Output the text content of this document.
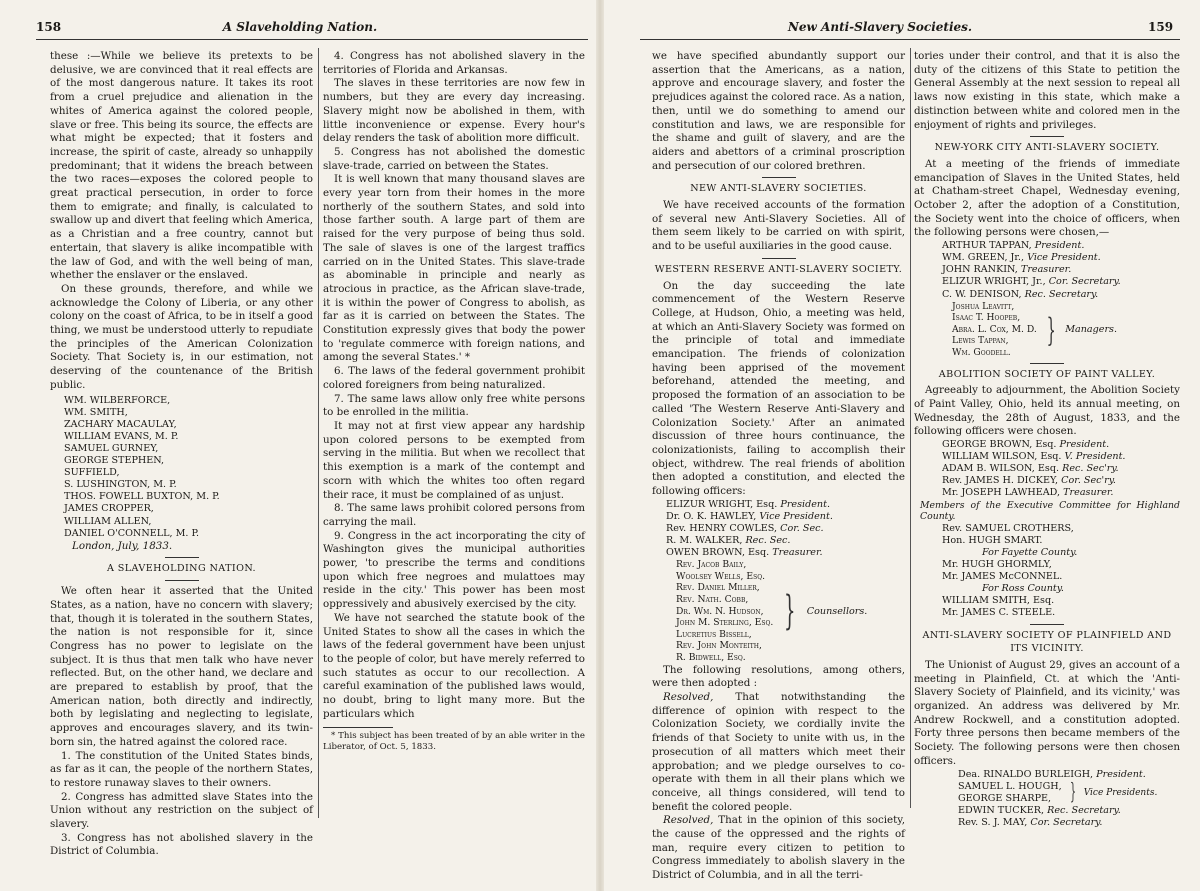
158	A Slaveholding Nation.

these :—While we believe its pretexts to be delusive, we are convinced that it real effects are of the most dangerous nature. It takes its root from a cruel prejudice and alienation in the whites of America against the colored people, slave or free. This being its source, the effects are what might be expected; that it fosters and increase, the spirit of caste, already so unhappily predominant; that it widens the breach between the two races—exposes the colored people to great practical persecution, in order to force them to emigrate; and finally, is calculated to swallow up and divert that feeling which America, as a Christian and a free country, cannot but entertain, that slavery is alike incompatible with the law of God, and with the well being of man, whether the enslaver or the enslaved.

On these grounds, therefore, and while we acknowledge the Colony of Liberia, or any other colony on the coast of Africa, to be in itself a good thing, we must be understood utterly to repudiate the principles of the American Colonization Society. That Society is, in our estimation, not deserving of the countenance of the British public.

WM. WILBERFORCE,
WM. SMITH,
ZACHARY MACAULAY,
WILLIAM EVANS, M. P.
SAMUEL GURNEY,
GEORGE STEPHEN,
SUFFIELD,
S. LUSHINGTON, M. P.
THOS. FOWELL BUXTON, M. P.
JAMES CROPPER,
WILLIAM ALLEN,
DANIEL O'CONNELL, M. P.

London, July, 1833.

A SLAVEHOLDING NATION.

We often hear it asserted that the United States, as a nation, have no concern with slavery; that, though it is tolerated in the southern States, the nation is not responsible for it, since Congress has no power to legislate on the subject. It is thus that men talk who have never reflected. But, on the other hand, we declare and are prepared to establish by proof, that the American nation, both directly and indirectly, both by legislating and neglecting to legislate, approves and encourages slavery, and its twin-born sin, the hatred against the colored race.

1. The constitution of the United States binds, as far as it can, the people of the northern States, to restore runaway slaves to their owners.

2. Congress has admitted slave States into the Union without any restriction on the subject of slavery.

3. Congress has not abolished slavery in the District of Columbia.

4. Congress has not abolished slavery in the territories of Florida and Arkansas.

The slaves in these territories are now few in numbers, but they are every day increasing. Slavery might now be abolished in them, with little inconvenience or expense. Every hour's delay renders the task of abolition more difficult.

5. Congress has not abolished the domestic slave-trade, carried on between the States.

It is well known that many thousand slaves are every year torn from their homes in the more northerly of the southern States, and sold into those farther south. A large part of them are raised for the very purpose of being thus sold. The sale of slaves is one of the largest traffics carried on in the United States. This slave-trade as abominable in principle and nearly as atrocious in practice, as the African slave-trade, it is within the power of Congress to abolish, as far as it is carried on between the States. The Constitution expressly gives that body the power to 'regulate commerce with foreign nations, and among the several States.' *

6. The laws of the federal government prohibit colored foreigners from being naturalized.

7. The same laws allow only free white persons to be enrolled in the militia.

It may not at first view appear any hardship upon colored persons to be exempted from serving in the militia. But when we recollect that this exemption is a mark of the contempt and scorn with which the whites too often regard their race, it must be complained of as unjust.

8. The same laws prohibit colored persons from carrying the mail.

9. Congress in the act incorporating the city of Washington gives the municipal authorities power, 'to prescribe the terms and conditions upon which free negroes and mulattoes may reside in the city.' This power has been most oppressively and abusively exercised by the city.

We have not searched the statute book of the United States to show all the cases in which the laws of the federal government have been unjust to the people of color, but have merely referred to such statutes as occur to our recollection. A careful examination of the published laws would, no doubt, bring to light many more. But the particulars which

* This subject has been treated of by an able writer in the Liberator, of Oct. 5, 1833.

New Anti-Slavery Societies.	159

we have specified abundantly support our assertion that the Americans, as a nation, approve and encourage slavery, and foster the prejudices against the colored race. As a nation, then, until we do something to amend our constitution and laws, we are responsible for the shame and guilt of slavery, and are the aiders and abettors of a criminal proscription and persecution of our colored brethren.

NEW ANTI-SLAVERY SOCIETIES.

We have received accounts of the formation of several new Anti-Slavery Societies. All of them seem likely to be carried on with spirit, and to be useful auxiliaries in the good cause.

WESTERN RESERVE ANTI-SLAVERY SOCIETY.

On the day succeeding the late commencement of the Western Reserve College, at Hudson, Ohio, a meeting was held, at which an Anti-Slavery Society was formed on the principle of total and immediate emancipation. The friends of colonization having been apprised of the movement beforehand, attended the meeting, and proposed the formation of an association to be called 'The Western Reserve Anti-Slavery and Colonization Society.' After an animated discussion of three hours continuance, the colonizationists, failing to accomplish their object, withdrew. The real friends of abolition then adopted a constitution, and elected the following officers:

ELIZUR WRIGHT, Esq. President.
Dr. O. K. HAWLEY, Vice President.
Rev. HENRY COWLES, Cor. Sec.
R. M. WALKER, Rec. Sec.
OWEN BROWN, Esq. Treasurer.
Rev. Jacob Baily,
Woolsey Wells, Esq.
Rev. Daniel Miller,
Rev. Nath. Cobb,
Dr. Wm. N. Hudson,
John M. Sterling, Esq.
Lucretius Bissell,
Rev. John Monteith,
R. Bidwell, Esq.
} Counsellors.

The following resolutions, among others, were then adopted :

Resolved, That notwithstanding the difference of opinion with respect to the Colonization Society, we cordially invite the friends of that Society to unite with us, in the prosecution of all matters which meet their approbation; and we pledge ourselves to co-operate with them in all their plans which we conceive, all things considered, will tend to benefit the colored people.

Resolved, That in the opinion of this society, the cause of the oppressed and the rights of man, require every citizen to petition to Congress immediately to abolish slavery in the District of Columbia, and in all the terri-

tories under their control, and that it is also the duty of the citizens of this State to petition the General Assembly at the next session to repeal all laws now existing in this state, which make a distinction between white and colored men in the enjoyment of rights and privileges.

NEW-YORK CITY ANTI-SLAVERY SOCIETY.

At a meeting of the friends of immediate emancipation of Slaves in the United States, held at Chatham-street Chapel, Wednesday evening, October 2, after the adoption of a Constitution, the Society went into the choice of officers, when the following persons were chosen,—

ARTHUR TAPPAN, President.
WM. GREEN, Jr., Vice President.
JOHN RANKIN, Treasurer.
ELIZUR WRIGHT, Jr., Cor. Secretary.
C. W. DENISON, Rec. Secretary.
Joshua Leavitt,
Isaac T. Hoopeb,
Abra. L. Cox, M. D.
Lewis Tappan,
Wm. Goodell.
} Managers.
ABOLITION SOCIETY OF PAINT VALLEY.

Agreeably to adjournment, the Abolition Society of Paint Valley, Ohio, held its annual meeting, on Wednesday, the 28th of August, 1833, and the following officers were chosen.

GEORGE BROWN, Esq. President.
WILLIAM WILSON, Esq. V. President.
ADAM B. WILSON, Esq. Rec. Sec'ry.
Rev. JAMES H. DICKEY, Cor. Sec'ry.
Mr. JOSEPH LAWHEAD, Treasurer.

Members of the Executive Committee for Highland County.

Rev. SAMUEL CROTHERS,
Hon. HUGH SMART.
For Fayette County.
Mr. HUGH GHORMLY,
Mr. JAMES McCONNEL.
For Ross County.
WILLIAM SMITH, Esq.
Mr. JAMES C. STEELE.
ANTI-SLAVERY SOCIETY OF PLAINFIELD AND ITS VICINITY.

The Unionist of August 29, gives an account of a meeting in Plainfield, Ct. at which the 'Anti-Slavery Society of Plainfield, and its vicinity,' was organized. An address was delivered by Mr. Andrew Rockwell, and a constitution adopted. Forty three persons then became members of the Society. The following persons were then chosen officers.

Dea. RINALDO BURLEIGH, President.
SAMUEL L. HOUGH,
GEORGE SHARPE, } Vice Presidents.
EDWIN TUCKER, Rec. Secretary.
Rev. S. J. MAY, Cor. Secretary.
